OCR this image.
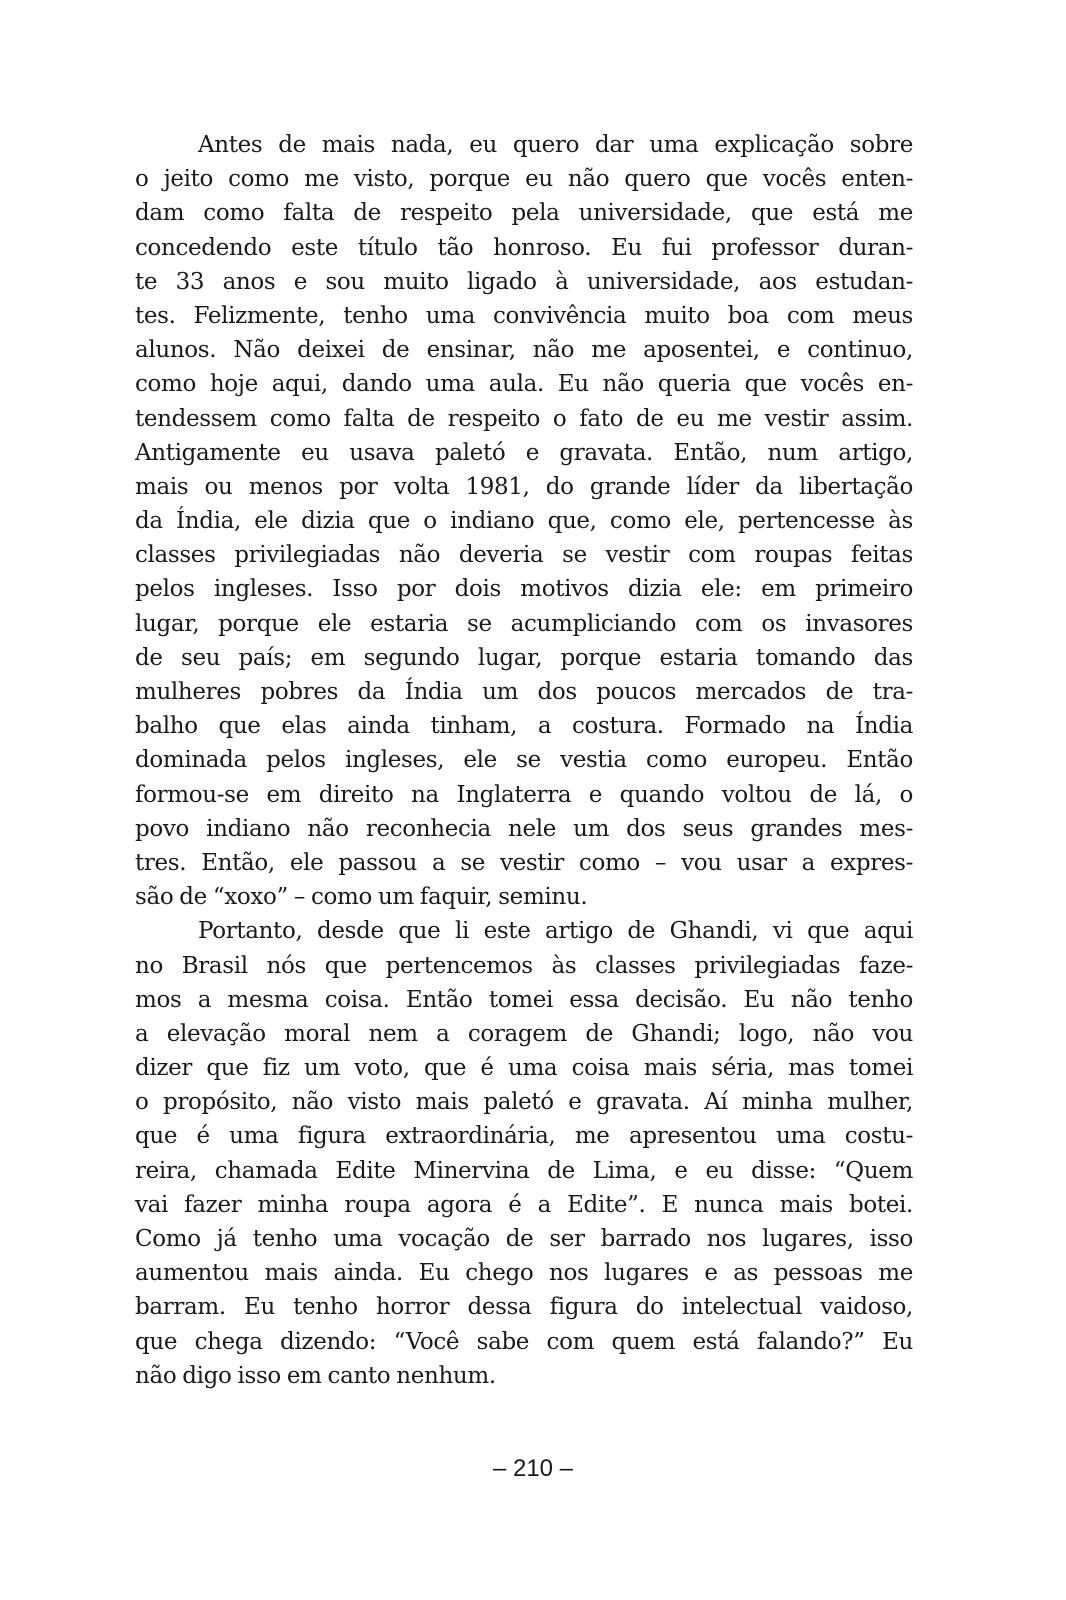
Antes de mais nada, eu quero dar uma explicação sobre
o jeito como me visto, porque eu não quero que vocês enten-
dam como falta de respeito pela universidade, que está me
concedendo este título tão honroso. Eu fui professor duran-
te 33 anos e sou muito ligado à universidade, aos estudan-
tes. Felizmente, tenho uma convivência muito boa com meus
alunos. Não deixei de ensinar, não me aposentei, e continuo,
como hoje aqui, dando uma aula. Eu não queria que vocês en-
tendessem como falta de respeito o fato de eu me vestir assim.
Antigamente eu usava paletó e gravata. Então, num artigo,
mais ou menos por volta 1981, do grande líder da libertação
da Índia, ele dizia que o indiano que, como ele, pertencesse às
classes privilegiadas não deveria se vestir com roupas feitas
pelos ingleses. Isso por dois motivos dizia ele: em primeiro
lugar, porque ele estaria se acumpliciando com os invasores
de seu país; em segundo lugar, porque estaria tomando das
mulheres pobres da Índia um dos poucos mercados de tra-
balho que elas ainda tinham, a costura. Formado na Índia
dominada pelos ingleses, ele se vestia como europeu. Então
formou-se em direito na Inglaterra e quando voltou de lá, o
povo indiano não reconhecia nele um dos seus grandes mes-
tres. Então, ele passou a se vestir como – vou usar a expres-
são de “xoxo” – como um faquir, seminu.
Portanto, desde que li este artigo de Ghandi, vi que aqui
no Brasil nós que pertencemos às classes privilegiadas faze-
mos a mesma coisa. Então tomei essa decisão. Eu não tenho
a elevação moral nem a coragem de Ghandi; logo, não vou
dizer que fiz um voto, que é uma coisa mais séria, mas tomei
o propósito, não visto mais paletó e gravata. Aí minha mulher,
que é uma figura extraordinária, me apresentou uma costu-
reira, chamada Edite Minervina de Lima, e eu disse: “Quem
vai fazer minha roupa agora é a Edite”. E nunca mais botei.
Como já tenho uma vocação de ser barrado nos lugares, isso
aumentou mais ainda. Eu chego nos lugares e as pessoas me
barram. Eu tenho horror dessa figura do intelectual vaidoso,
que chega dizendo: “Você sabe com quem está falando?” Eu
não digo isso em canto nenhum.
– 210 –
